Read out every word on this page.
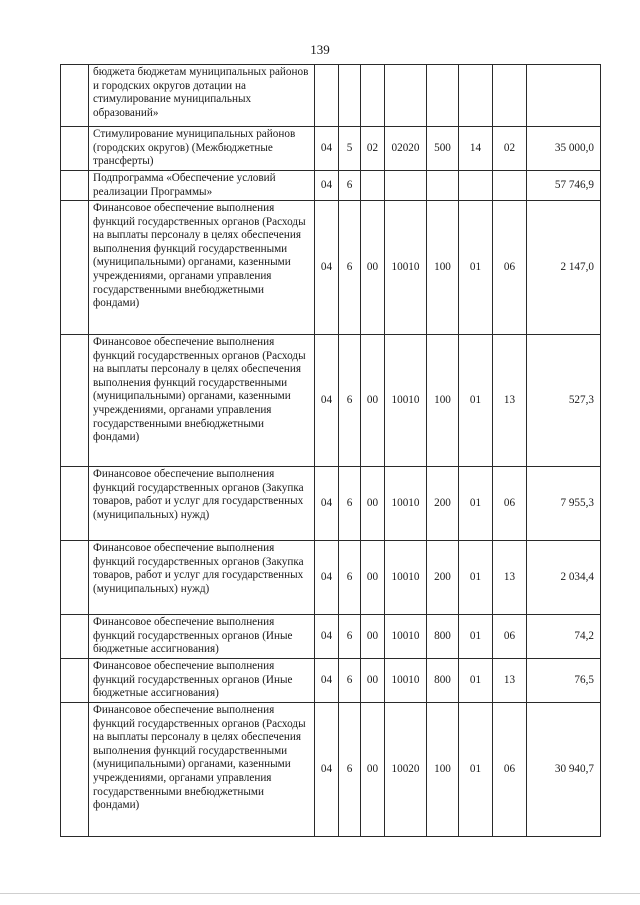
139
	бюджета бюджетам муниципальных районов и городских округов дотации на стимулирование муниципальных образований»								
	Стимулирование муниципальных районов (городских округов) (Межбюджетные трансферты)	04	5	02	02020	500	14	02	35 000,0
	Подпрограмма «Обеспечение условий реализации Программы»	04	6						57 746,9
	Финансовое обеспечение выполнения функций государственных органов (Расходы на выплаты персоналу в целях обеспечения выполнения функций государственными (муниципальными) органами, казенными учреждениями, органами управления государственными внебюджетными фондами)	04	6	00	10010	100	01	06	2 147,0
	Финансовое обеспечение выполнения функций государственных органов (Расходы на выплаты персоналу в целях обеспечения выполнения функций государственными (муниципальными) органами, казенными учреждениями, органами управления государственными внебюджетными фондами)	04	6	00	10010	100	01	13	527,3
	Финансовое обеспечение выполнения функций государственных органов (Закупка товаров, работ и услуг для государственных (муниципальных) нужд)	04	6	00	10010	200	01	06	7 955,3
	Финансовое обеспечение выполнения функций государственных органов (Закупка товаров, работ и услуг для государственных (муниципальных) нужд)	04	6	00	10010	200	01	13	2 034,4
	Финансовое обеспечение выполнения функций государственных органов (Иные бюджетные ассигнования)	04	6	00	10010	800	01	06	74,2
	Финансовое обеспечение выполнения функций государственных органов (Иные бюджетные ассигнования)	04	6	00	10010	800	01	13	76,5
	Финансовое обеспечение выполнения функций государственных органов (Расходы на выплаты персоналу в целях обеспечения выполнения функций государственными (муниципальными) органами, казенными учреждениями, органами управления государственными внебюджетными фондами)	04	6	00	10020	100	01	06	30 940,7
